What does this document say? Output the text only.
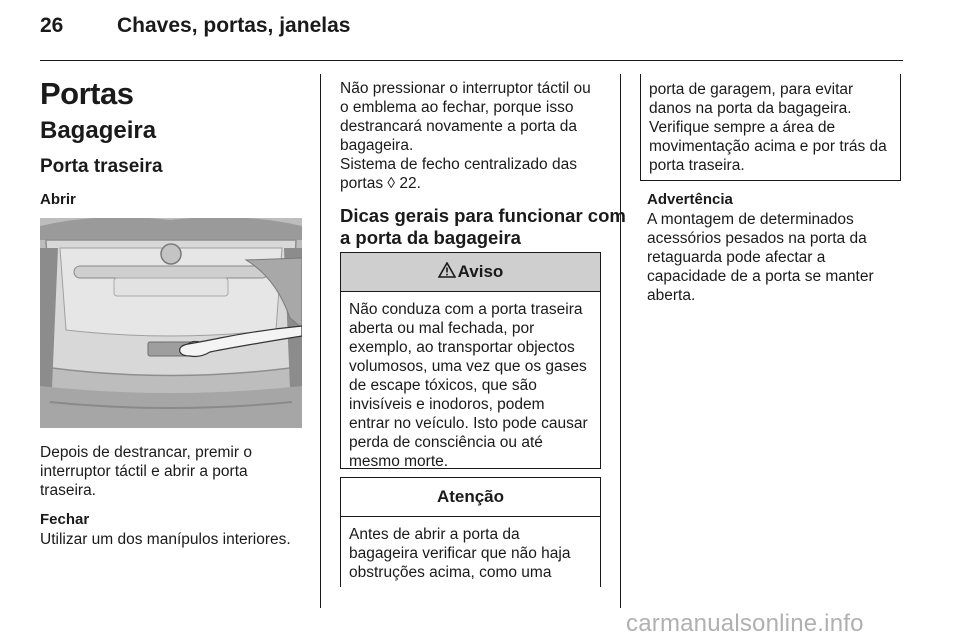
26	Chaves, portas, janelas
Portas
Bagageira
Porta traseira
Abrir

Depois de destrancar, premir o

interruptor táctil e abrir a porta

traseira.

Fechar

Utilizar um dos manípulos interiores.

Não pressionar o interruptor táctil ou

o emblema ao fechar, porque isso

destrancará novamente a porta da

bagageira.

Sistema de fecho centralizado das

portas ◊ 22.

Dicas gerais para funcionar com
a porta da bagageira
Aviso
Não conduza com a porta traseira
aberta ou mal fechada, por
exemplo, ao transportar objectos
volumosos, uma vez que os gases
de escape tóxicos, que são
invisíveis e inodoros, podem
entrar no veículo. Isto pode causar
perda de consciência ou até
mesmo morte.
Atenção
Antes de abrir a porta da
bagageira verificar que não haja
obstruções acima, como uma
porta de garagem, para evitar
danos na porta da bagageira.
Verifique sempre a área de
movimentação acima e por trás da
porta traseira.
Advertência

A montagem de determinados

acessórios pesados na porta da

retaguarda pode afectar a

capacidade de a porta se manter

aberta.

carmanualsonline.info
